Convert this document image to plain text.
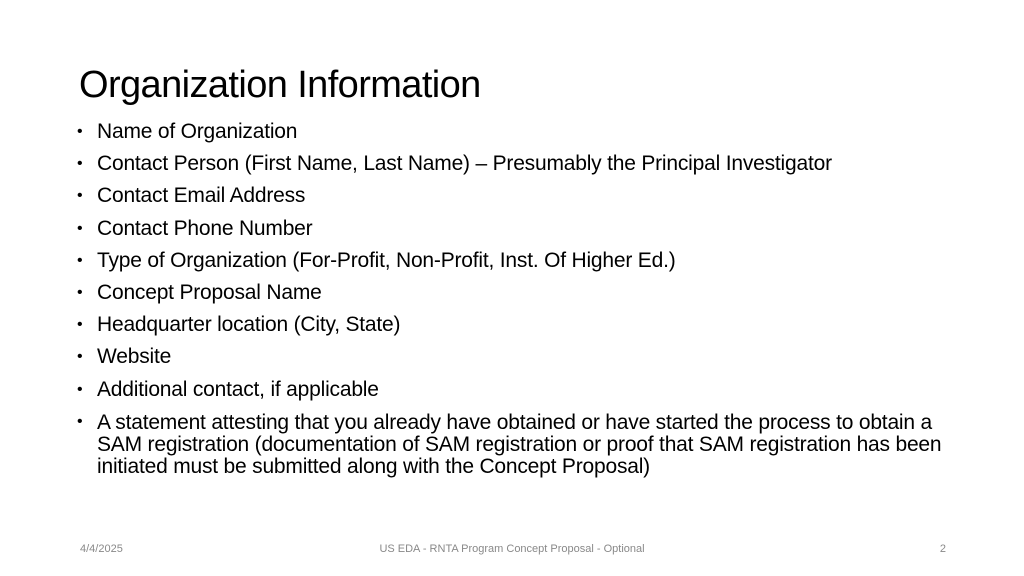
Organization Information
• Name of Organization
• Contact Person (First Name, Last Name) – Presumably the Principal Investigator
• Contact Email Address
• Contact Phone Number
• Type of Organization (For-Profit, Non-Profit, Inst. Of Higher Ed.)
• Concept Proposal Name
• Headquarter location (City, State)
• Website
• Additional contact, if applicable
• A statement attesting that you already have obtained or have started the process to obtain a SAM registration (documentation of SAM registration or proof that SAM registration has been initiated must be submitted along with the Concept Proposal)
4/4/2025	US EDA - RNTA Program Concept Proposal - Optional	2
